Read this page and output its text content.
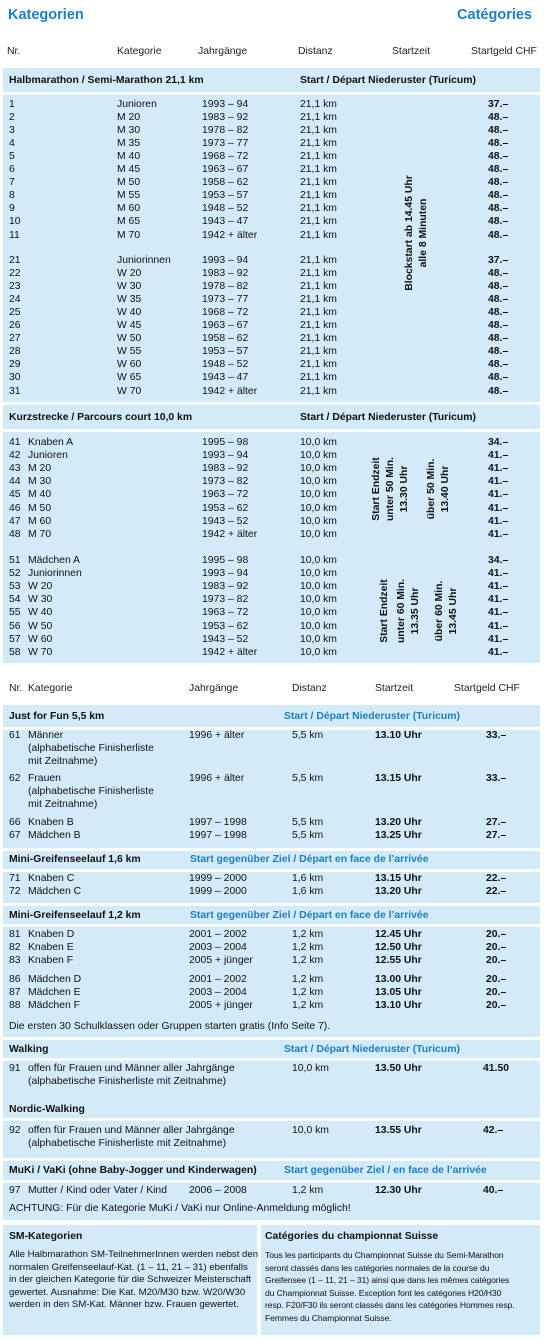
Kategorien	Catégories
Nr.	Kategorie	Jahrgänge	Distanz	Startzeit	Startgeld CHF
Halbmarathon / Semi-Marathon 21,1 km	Start / Départ Niederuster (Turicum)
1	Junioren	1993 – 94	21,1 km	37.–
2	M 20	1983 – 92	21,1 km	48.–
3	M 30	1978 – 82	21,1 km	48.–
4	M 35	1973 – 77	21,1 km	48.–
5	M 40	1968 – 72	21,1 km	48.–
6	M 45	1963 – 67	21,1 km	48.–
7	M 50	1958 – 62	21,1 km	48.–
8	M 55	1953 – 57	21,1 km	48.–
9	M 60	1948 – 52	21,1 km	48.–
10	M 65	1943 – 47	21,1 km	48.–
11	M 70	1942 + älter	21,1 km	48.–
21	Juniorinnen	1993 – 94	21,1 km	37.–
22	W 20	1983 – 92	21,1 km	48.–
23	W 30	1978 – 82	21,1 km	48.–
24	W 35	1973 – 77	21,1 km	48.–
25	W 40	1968 – 72	21,1 km	48.–
26	W 45	1963 – 67	21,1 km	48.–
27	W 50	1958 – 62	21,1 km	48.–
28	W 55	1953 – 57	21,1 km	48.–
29	W 60	1948 – 52	21,1 km	48.–
30	W 65	1943 – 47	21,1 km	48.–
31	W 70	1942 + älter	21,1 km	48.–
Blockstart ab 14.45 Uhr alle 8 Minuten
Kurzstrecke / Parcours court 10,0 km	Start / Départ Niederuster (Turicum)
41 Knaben A	1995 – 98	10,0 km	34.–
42 Junioren	1993 – 94	10,0 km	41.–
43 M 20	1983 – 92	10,0 km	41.–
44 M 30	1973 – 82	10,0 km	41.–
45 M 40	1963 – 72	10,0 km	41.–
46 M 50	1953 – 62	10,0 km	41.–
47 M 60	1943 – 52	10,0 km	41.–
48 M 70	1942 + älter	10,0 km	41.–
51 Mädchen A	1995 – 98	10,0 km	34.–
52 Juniorinnen	1993 – 94	10,0 km	41.–
53 W 20	1983 – 92	10,0 km	41.–
54 W 30	1973 – 82	10,0 km	41.–
55 W 40	1963 – 72	10,0 km	41.–
56 W 50	1953 – 62	10,0 km	41.–
57 W 60	1943 – 52	10,0 km	41.–
58 W 70	1942 + älter	10,0 km	41.–
Start Endzeit unter 50 Min. 13.30 Uhr über 50 Min. 13.40 Uhr
Start Endzeit unter 60 Min. 13.35 Uhr über 60 Min. 13.45 Uhr
Nr. Kategorie	Jahrgänge	Distanz	Startzeit	Startgeld CHF
Just for Fun 5,5 km	Start / Départ Niederuster (Turicum)
61 Männer	1996 + älter	5,5 km	13.10 Uhr	33.–
(alphabetische Finisherliste
mit Zeitnahme)
62 Frauen	1996 + älter	5,5 km	13.15 Uhr	33.–
(alphabetische Finisherliste
mit Zeitnahme)
66 Knaben B	1997 – 1998	5,5 km	13.20 Uhr	27.–
67 Mädchen B	1997 – 1998	5,5 km	13.25 Uhr	27.–
Mini-Greifenseelauf 1,6 km	Start gegenüber Ziel / Départ en face de l’arrivée
71 Knaben C	1999 – 2000	1,6 km	13.15 Uhr	22.–
72 Mädchen C	1999 – 2000	1,6 km	13.20 Uhr	22.–
Mini-Greifenseelauf 1,2 km	Start gegenüber Ziel / Départ en face de l’arrivée
81 Knaben D	2001 – 2002	1,2 km	12.45 Uhr	20.–
82 Knaben E	2003 – 2004	1,2 km	12.50 Uhr	20.–
83 Knaben F	2005 + jünger	1,2 km	12.55 Uhr	20.–
86 Mädchen D	2001 – 2002	1,2 km	13.00 Uhr	20.–
87 Mädchen E	2003 – 2004	1,2 km	13.05 Uhr	20.–
88 Mädchen F	2005 + jünger	1,2 km	13.10 Uhr	20.–
Die ersten 30 Schulklassen oder Gruppen starten gratis (Info Seite 7).
Walking	Start / Départ Niederuster (Turicum)
91 offen für Frauen und Männer aller Jahrgänge	10,0 km	13.50 Uhr	41.50
(alphabetische Finisherliste mit Zeitnahme)
Nordic-Walking
92 offen für Frauen und Männer aller Jahrgänge	10,0 km	13.55 Uhr	42.–
(alphabetische Finisherliste mit Zeitnahme)
MuKi / VaKi (ohne Baby-Jogger und Kinderwagen)	Start gegenüber Ziel / en face de l’arrivée
97 Mutter / Kind oder Vater / Kind 2006 – 2008	1,2 km	12.30 Uhr	40.–
ACHTUNG: Für die Kategorie MuKi / VaKi nur Online-Anmeldung möglich!
SM-Kategorien
Alle Halbmarathon SM-TeilnehmerInnen werden nebst den
normalen Greifenseelauf-Kat. (1 – 11, 21 – 31) ebenfalls
in der gleichen Kategorie für die Schweizer Meisterschaft
gewertet. Ausnahme: Die Kat. M20/M30 bzw. W20/W30
werden in den SM-Kat. Männer bzw. Frauen gewertet.
Catégories du championnat Suisse
Tous les participants du Championnat Suisse du Semi-Marathon
seront classés dans les catégories normales de la course du
Greifensee (1 – 11, 21 – 31) ainsi que dans les mêmes catégories
du Championnat Suisse. Exception font les catégories H20/H30
resp. F20/F30 ils seront classés dans les catégories Hommes resp.
Femmes du Championnat Suisse.
